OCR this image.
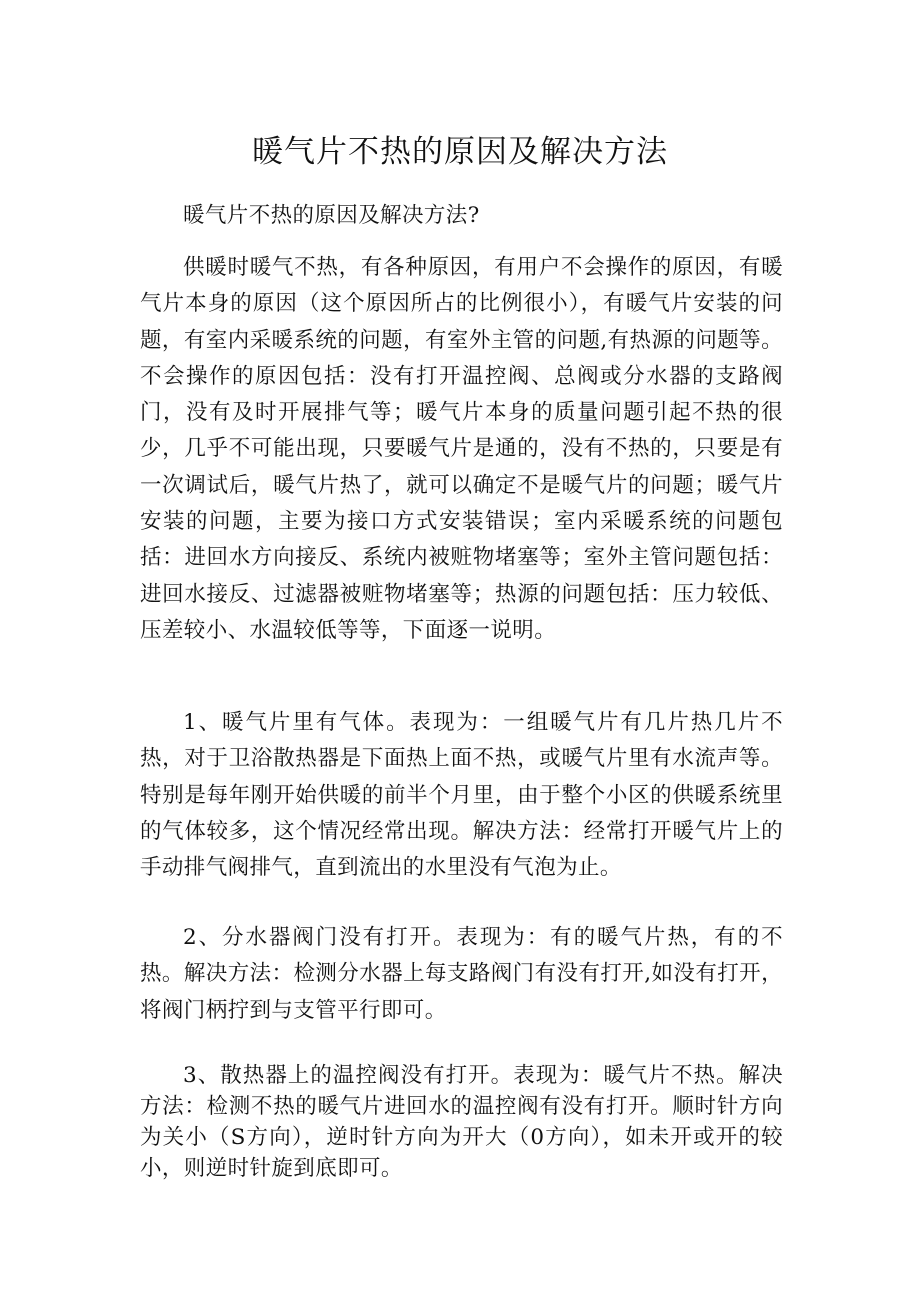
暖气片不热的原因及解决方法

暖气片不热的原因及解决方法?

供暖时暖气不热，有各种原因，有用户不会操作的原因，有暖气片本身的原因（这个原因所占的比例很小），有暖气片安装的问题，有室内采暖系统的问题，有室外主管的问题,有热源的问题等。不会操作的原因包括：没有打开温控阀、总阀或分水器的支路阀门，没有及时开展排气等；暖气片本身的质量问题引起不热的很少，几乎不可能出现，只要暖气片是通的，没有不热的，只要是有一次调试后，暖气片热了，就可以确定不是暖气片的问题；暖气片安装的问题，主要为接口方式安装错误；室内采暖系统的问题包括：进回水方向接反、系统内被赃物堵塞等；室外主管问题包括：进回水接反、过滤器被赃物堵塞等；热源的问题包括：压力较低、压差较小、水温较低等等，下面逐一说明。

1、暖气片里有气体。表现为：一组暖气片有几片热几片不热，对于卫浴散热器是下面热上面不热，或暖气片里有水流声等。特别是每年刚开始供暖的前半个月里，由于整个小区的供暖系统里的气体较多，这个情况经常出现。解决方法：经常打开暖气片上的手动排气阀排气，直到流出的水里没有气泡为止。

2、分水器阀门没有打开。表现为：有的暖气片热，有的不热。解决方法：检测分水器上每支路阀门有没有打开,如没有打开，将阀门柄拧到与支管平行即可。

3、散热器上的温控阀没有打开。表现为：暖气片不热。解决方法：检测不热的暖气片进回水的温控阀有没有打开。顺时针方向为关小（S方向），逆时针方向为开大（0方向），如未开或开的较小，则逆时针旋到底即可。
